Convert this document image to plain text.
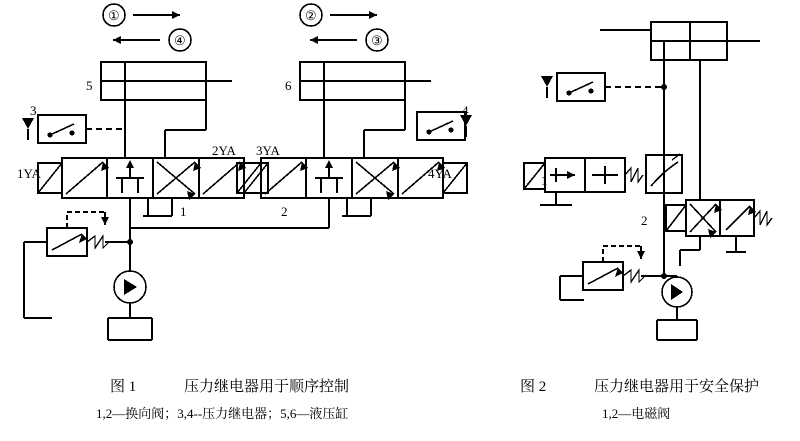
①
④
②
③
5	6
3	4
1YA
2YA 3YA
4YA
1	2
1
2
图 1	压力继电器用于顺序控制
1,2—换向阀；3,4--压力继电器；5,6—液压缸
图 2	压力继电器用于安全保护
1,2—电磁阀
